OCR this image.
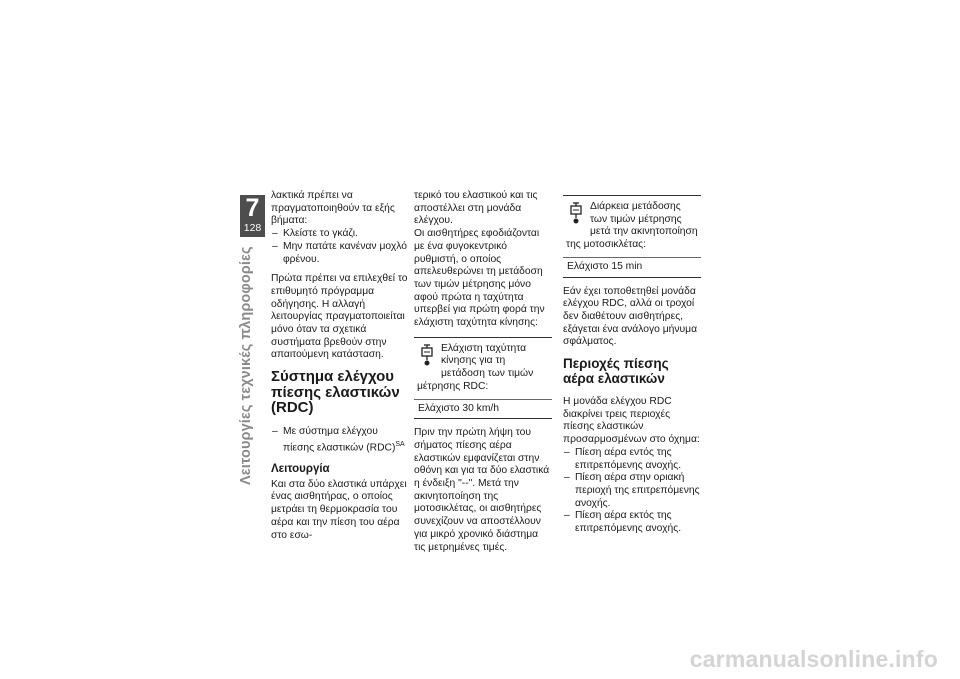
Λειτουργίες τεχνικές πληροφορίες
7
128

λακτικά πρέπει να πραγματοποιηθούν τα εξής βήματα:

– Κλείστε το γκάζι.
– Μην πατάτε κανέναν μοχλό φρένου.

Πρώτα πρέπει να επιλεχθεί το επιθυμητό πρόγραμμα οδήγησης. Η αλλαγή λειτουργίας πραγματοποιείται μόνο όταν τα σχετικά συστήματα βρεθούν στην απαιτούμενη κατάσταση.

Σύστημα ελέγχου πίεσης ελαστικών (RDC)
– Με σύστημα ελέγχου πίεσης ελαστικών (RDC)$^{SA}$
Λειτουργία

Και στα δύο ελαστικά υπάρχει ένας αισθητήρας, ο οποίος μετράει τη θερμοκρασία του αέρα και την πίεση του αέρα στο εσω-

τερικό του ελαστικού και τις αποστέλλει στη μονάδα ελέγχου.

Οι αισθητήρες εφοδιάζονται με ένα φυγοκεντρικό ρυθμιστή, ο οποίος απελευθερώνει τη μετάδοση των τιμών μέτρησης μόνο αφού πρώτα η ταχύτητα υπερβεί για πρώτη φορά την ελάχιστη ταχύτητα κίνησης:

Ελάχιστη ταχύτητα κίνησης για τη μετάδοση των τιμών μέτρησης RDC:
Ελάχιστο 30 km/h

Πριν την πρώτη λήψη του σήματος πίεσης αέρα ελαστικών εμφανίζεται στην οθόνη και για τα δύο ελαστικά η ένδειξη "--". Μετά την ακινητοποίηση της μοτοσικλέτας, οι αισθητήρες συνεχίζουν να αποστέλλουν για μικρό χρονικό διάστημα τις μετρημένες τιμές.

Διάρκεια μετάδοσης των τιμών μέτρησης μετά την ακινητοποίηση της μοτοσικλέτας:
Ελάχιστο 15 min

Εάν έχει τοποθετηθεί μονάδα ελέγχου RDC, αλλά οι τροχοί δεν διαθέτουν αισθητήρες, εξάγεται ένα ανάλογο μήνυμα σφάλματος.

Περιοχές πίεσης αέρα ελαστικών

Η μονάδα ελέγχου RDC διακρίνει τρεις περιοχές πίεσης ελαστικών προσαρμοσμένων στο όχημα:

– Πίεση αέρα εντός της επιτρεπόμενης ανοχής.
– Πίεση αέρα στην οριακή περιοχή της επιτρεπόμενης ανοχής.
– Πίεση αέρα εκτός της επιτρεπόμενης ανοχής.
carmanualsonline.info
